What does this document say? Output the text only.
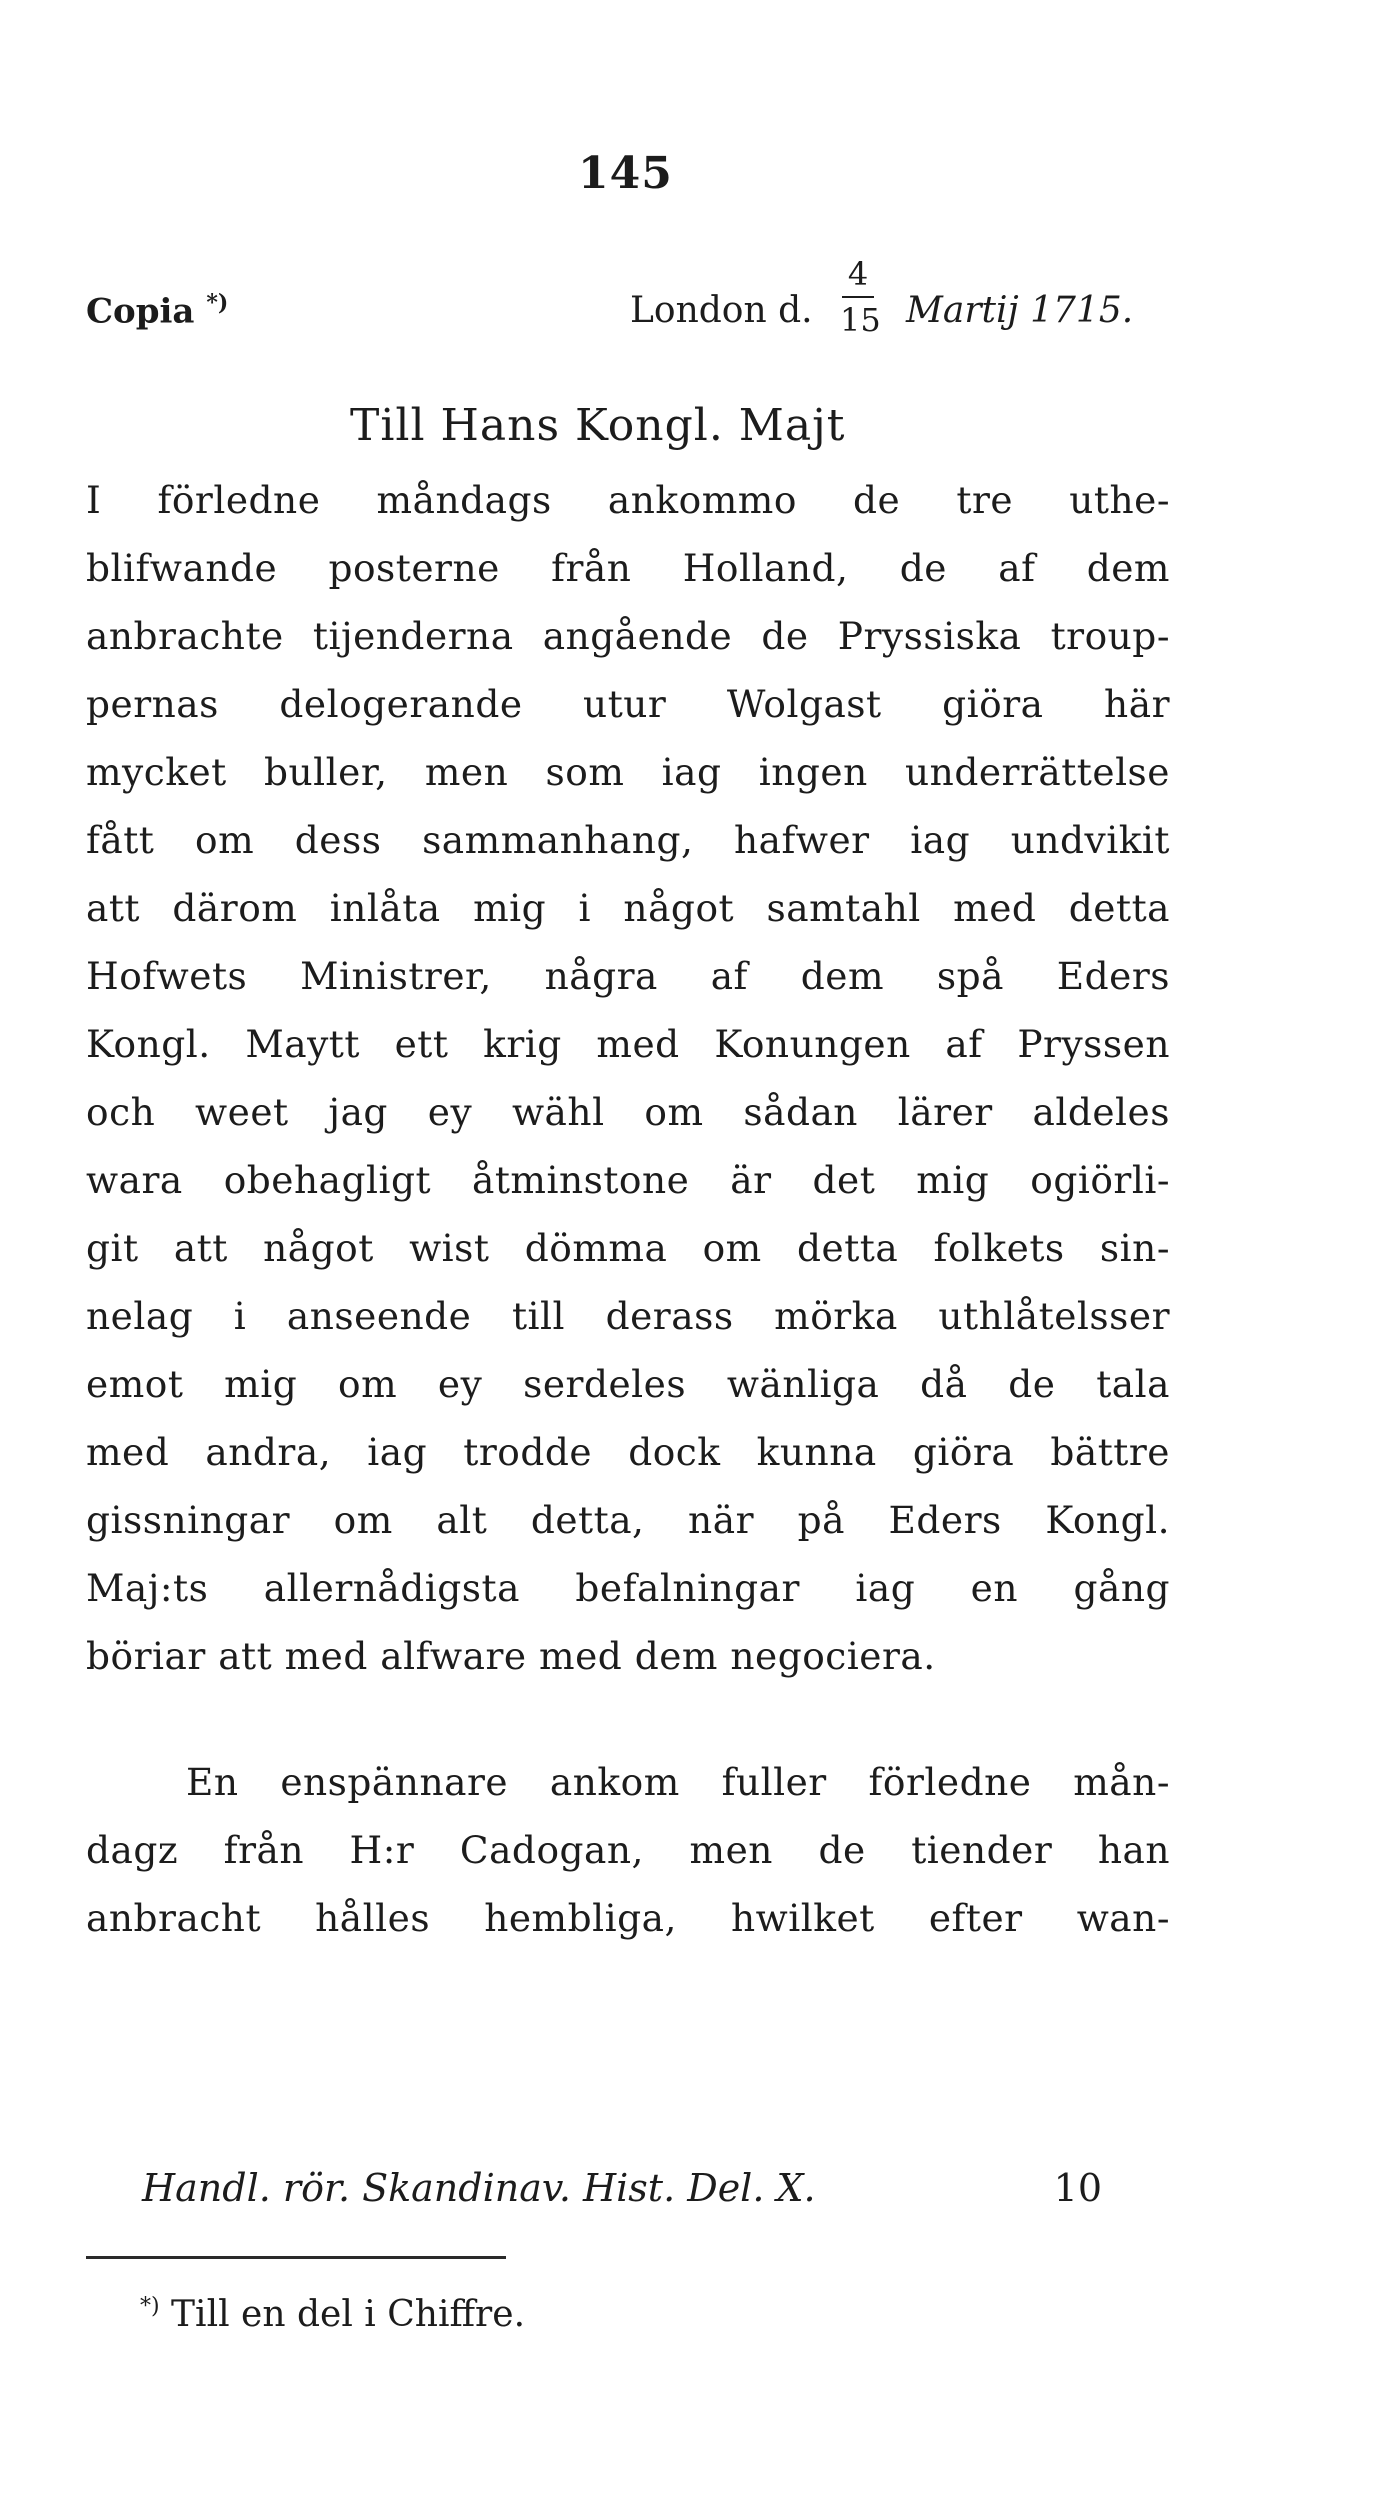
145
Copia *)	London d.
4
15 Martij 1715.
Till Hans Kongl. Majt
I förledne måndags ankommo de tre uthe-
blifwande posterne från Holland, de af dem
anbrachte tijenderna angående de Pryssiska troup-
pernas delogerande utur Wolgast giöra här
mycket buller, men som iag ingen underrättelse
fått om dess sammanhang, hafwer iag undvikit
att därom inlåta mig i något samtahl med detta
Hofwets Ministrer, några af dem spå Eders
Kongl. Maytt ett krig med Konungen af Pryssen
och weet jag ey wähl om sådan lärer aldeles
wara obehagligt åtminstone är det mig ogiörli-
git att något wist dömma om detta folkets sin-
nelag i anseende till derass mörka uthlåtelsser
emot mig om ey serdeles wänliga då de tala
med andra, iag trodde dock kunna giöra bättre
gissningar om alt detta, när på Eders Kongl.
Maj:ts allernådigsta befalningar iag en gång
böriar att med alfware med dem negociera.
En enspännare ankom fuller förledne mån-
dagz från H:r Cadogan, men de tiender han
anbracht hålles hembliga, hwilket efter wan-
Handl. rör. Skandinav. Hist. Del. X.	10
*) Till en del i Chiffre.
